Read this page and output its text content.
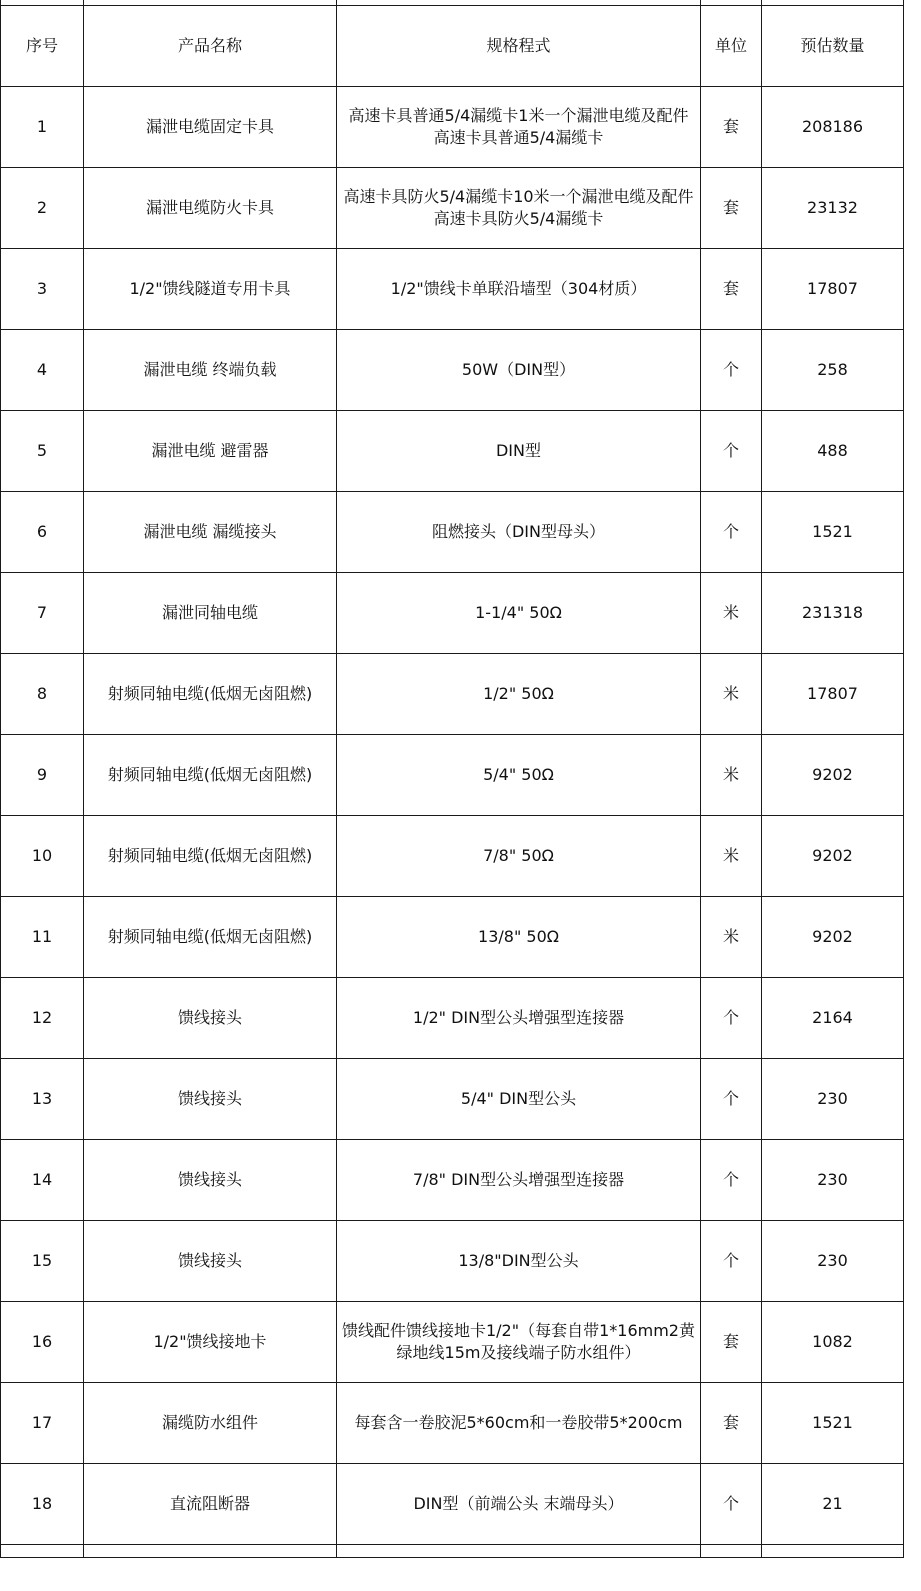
序号	产品名称	规格程式	单位	预估数量
1	漏泄电缆固定卡具	高速卡具普通5/4漏缆卡1米一个漏泄电缆及配件高速卡具普通5/4漏缆卡	套	208186
2	漏泄电缆防火卡具	高速卡具防火5/4漏缆卡10米一个漏泄电缆及配件高速卡具防火5/4漏缆卡	套	23132
3	1/2"馈线隧道专用卡具	1/2"馈线卡单联沿墙型（304材质）	套	17807
4	漏泄电缆 终端负载	50W（DIN型）	个	258
5	漏泄电缆 避雷器	DIN型	个	488
6	漏泄电缆 漏缆接头	阻燃接头（DIN型母头）	个	1521
7	漏泄同轴电缆	1-1/4" 50Ω	米	231318
8	射频同轴电缆(低烟无卤阻燃)	1/2" 50Ω	米	17807
9	射频同轴电缆(低烟无卤阻燃)	5/4" 50Ω	米	9202
10	射频同轴电缆(低烟无卤阻燃)	7/8" 50Ω	米	9202
11	射频同轴电缆(低烟无卤阻燃)	13/8" 50Ω	米	9202
12	馈线接头	1/2" DIN型公头增强型连接器	个	2164
13	馈线接头	5/4" DIN型公头	个	230
14	馈线接头	7/8" DIN型公头增强型连接器	个	230
15	馈线接头	13/8"DIN型公头	个	230
16	1/2"馈线接地卡	馈线配件馈线接地卡1/2"（每套自带1*16mm2黄绿地线15m及接线端子防水组件）	套	1082
17	漏缆防水组件	每套含一卷胶泥5*60cm和一卷胶带5*200cm	套	1521
18	直流阻断器	DIN型（前端公头 末端母头）	个	21
